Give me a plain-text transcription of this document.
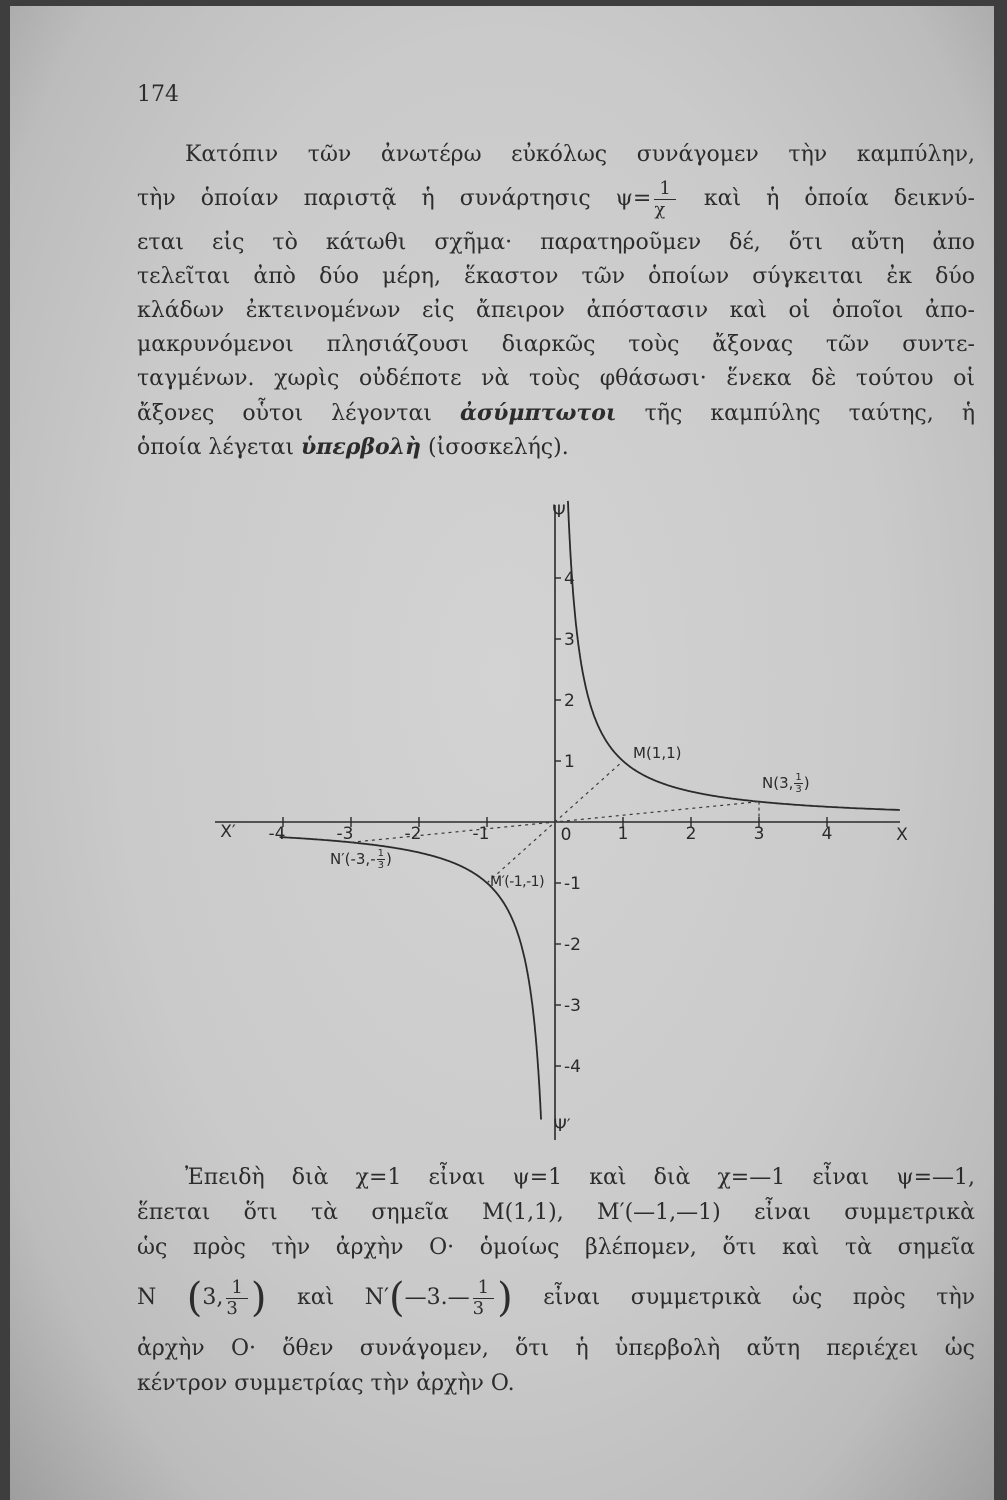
174
Κατόπιν τῶν ἀνωτέρω εὐκόλως συνάγομεν τὴν καμπύλην,
τὴν ὁποίαν παριστᾷ ἡ συνάρτησις $\psi= \frac{1}{\chi}$ καὶ ἡ ὁποία δεικνύ-
εται εἰς τὸ κάτωθι σχῆμα· παρατηροῦμεν δέ, ὅτι αὔτη ἀπο
τελεῖται ἀπὸ δύο μέρη, ἕκαστον τῶν ὁποίων σύγκειται ἐκ δύο
κλάδων ἐκτεινομένων εἰς ἄπειρον ἀπόστασιν καὶ οἱ ὁποῖοι ἀπο-
μακρυνόμενοι πλησιάζουσι διαρκῶς τοὺς ἄξονας τῶν συντε-
ταγμένων. χωρὶς οὐδέποτε νὰ τοὺς φθάσωσι· ἕνεκα δὲ τούτου οἱ
ἄξονες οὗτοι λέγονται ἀσύμπτωτοι τῆς καμπύλης ταύτης, ἡ
ὁποία λέγεται ὑπερβολὴ (ἰσοσκελής).
X
X′
Ψ
Ψ′
0
-4	-3	-2	-1	1	2	3	4
4
3
2
1
-1
-2
-3
-4
M(1,1)
M′(-1,-1)
N(3, $\frac{1}{3}$ )
$N'(-3,- \frac{1}{3}$ )
Ἐπειδὴ διὰ χ=1 εἶναι ψ=1 καὶ διὰ χ=—1 εἶναι ψ=—1,
ἕπεται ὅτι τὰ σημεῖα M(1,1), M′(—1,—1) εἶναι συμμετρικὰ
ὡς πρὸς τὴν ἀρχὴν O· ὁμοίως βλέπομεν, ὅτι καὶ τὰ σημεῖα
N (3, $\frac{1}{3}$ ) καὶ N′(—3.— $\frac{1}{3}$ ) εἶναι συμμετρικὰ ὡς πρὸς τὴν
ἀρχὴν O· ὅθεν συνάγομεν, ὅτι ἡ ὑπερβολὴ αὔτη περιέχει ὡς
κέντρον συμμετρίας τὴν ἀρχὴν O.
